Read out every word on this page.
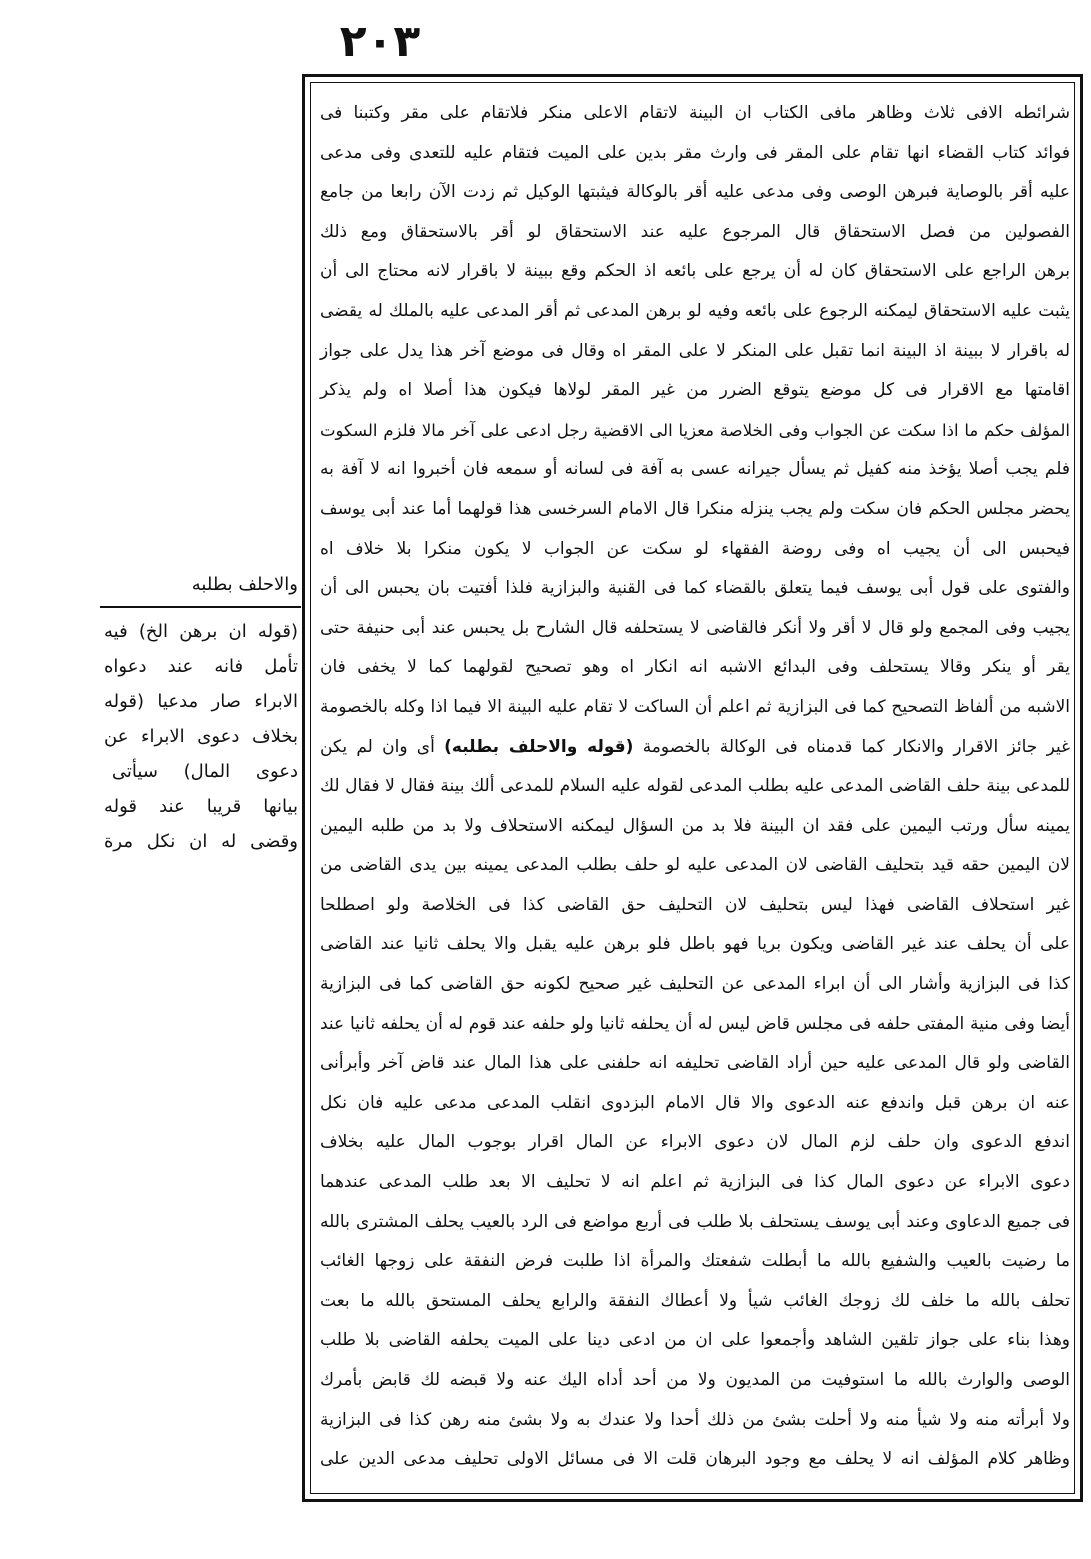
٢٠٣
شرائطه الافى ثلاث وظاهر مافى الكتاب ان البينة لاتقام الاعلى منكر فلاتقام على مقر وكتبنا فى
فوائد كتاب القضاء انها تقام على المقر فى وارث مقر بدين على الميت فتقام عليه للتعدى وفى مدعى
عليه أقر بالوصاية فبرهن الوصى وفى مدعى عليه أقر بالوكالة فيثبتها الوكيل ثم زدت الآن رابعا من جامع
الفصولين من فصل الاستحقاق قال المرجوع عليه عند الاستحقاق لو أقر بالاستحقاق ومع ذلك
برهن الراجع على الاستحقاق كان له أن يرجع على بائعه اذ الحكم وقع ببينة لا باقرار لانه محتاج الى أن
يثبت عليه الاستحقاق ليمكنه الرجوع على بائعه وفيه لو برهن المدعى ثم أقر المدعى عليه بالملك له يقضى
له باقرار لا ببينة اذ البينة انما تقبل على المنكر لا على المقر اه وقال فى موضع آخر هذا يدل على جواز
اقامتها مع الاقرار فى كل موضع يتوقع الضرر من غير المقر لولاها فيكون هذا أصلا اه ولم يذكر
المؤلف حكم ما اذا سكت عن الجواب وفى الخلاصة معزيا الى الاقضية رجل ادعى على آخر مالا فلزم السكوت
فلم يجب أصلا يؤخذ منه كفيل ثم يسأل جيرانه عسى به آفة فى لسانه أو سمعه فان أخبروا انه لا آفة به
يحضر مجلس الحكم فان سكت ولم يجب ينزله منكرا قال الامام السرخسى هذا قولهما أما عند أبى يوسف
فيحبس الى أن يجيب اه وفى روضة الفقهاء لو سكت عن الجواب لا يكون منكرا بلا خلاف اه
والفتوى على قول أبى يوسف فيما يتعلق بالقضاء كما فى القنية والبزازية فلذا أفتيت بان يحبس الى أن
يجيب وفى المجمع ولو قال لا أقر ولا أنكر فالقاضى لا يستحلفه قال الشارح بل يحبس عند أبى حنيفة حتى
يقر أو ينكر وقالا يستحلف وفى البدائع الاشبه انه انكار اه وهو تصحيح لقولهما كما لا يخفى فان
الاشبه من ألفاظ التصحيح كما فى البزازية ثم اعلم أن الساكت لا تقام عليه البينة الا فيما اذا وكله بالخصومة
غير جائز الاقرار والانكار كما قدمناه فى الوكالة بالخصومة (قوله والاحلف بطلبه) أى وان لم يكن
للمدعى بينة حلف القاضى المدعى عليه بطلب المدعى لقوله عليه السلام للمدعى ألك بينة فقال لا فقال لك
يمينه سأل ورتب اليمين على فقد ان البينة فلا بد من السؤال ليمكنه الاستحلاف ولا بد من طلبه اليمين
لان اليمين حقه قيد بتحليف القاضى لان المدعى عليه لو حلف بطلب المدعى يمينه بين يدى القاضى من
غير استحلاف القاضى فهذا ليس بتحليف لان التحليف حق القاضى كذا فى الخلاصة ولو اصطلحا
على أن يحلف عند غير القاضى ويكون بريا فهو باطل فلو برهن عليه يقبل والا يحلف ثانيا عند القاضى
كذا فى البزازية وأشار الى أن ابراء المدعى عن التحليف غير صحيح لكونه حق القاضى كما فى البزازية
أيضا وفى منية المفتى حلفه فى مجلس قاض ليس له أن يحلفه ثانيا ولو حلفه عند قوم له أن يحلفه ثانيا عند
القاضى ولو قال المدعى عليه حين أراد القاضى تحليفه انه حلفنى على هذا المال عند قاض آخر وأبرأنى
عنه ان برهن قبل واندفع عنه الدعوى والا قال الامام البزدوى انقلب المدعى مدعى عليه فان نكل
اندفع الدعوى وان حلف لزم المال لان دعوى الابراء عن المال اقرار بوجوب المال عليه بخلاف
دعوى الابراء عن دعوى المال كذا فى البزازية ثم اعلم انه لا تحليف الا بعد طلب المدعى عندهما
فى جميع الدعاوى وعند أبى يوسف يستحلف بلا طلب فى أربع مواضع فى الرد بالعيب يحلف المشترى بالله
ما رضيت بالعيب والشفيع بالله ما أبطلت شفعتك والمرأة اذا طلبت فرض النفقة على زوجها الغائب
تحلف بالله ما خلف لك زوجك الغائب شيأ ولا أعطاك النفقة والرابع يحلف المستحق بالله ما بعت
وهذا بناء على جواز تلقين الشاهد وأجمعوا على ان من ادعى دينا على الميت يحلفه القاضى بلا طلب
الوصى والوارث بالله ما استوفيت من المديون ولا من أحد أداه اليك عنه ولا قبضه لك قابض بأمرك
ولا أبرأته منه ولا شيأ منه ولا أحلت بشئ من ذلك أحدا ولا عندك به ولا بشئ منه رهن كذا فى البزازية
وظاهر كلام المؤلف انه لا يحلف مع وجود البرهان قلت الا فى مسائل الاولى تحليف مدعى الدين على
والاحلف بطلبه
(قوله ان برهن الخ) فيه
تأمل فانه عند دعواه
الابراء صار مدعيا (قوله
بخلاف دعوى الابراء عن
دعوى المال) سيأتى
بيانها قريبا عند قوله
وقضى له ان نكل مرة
